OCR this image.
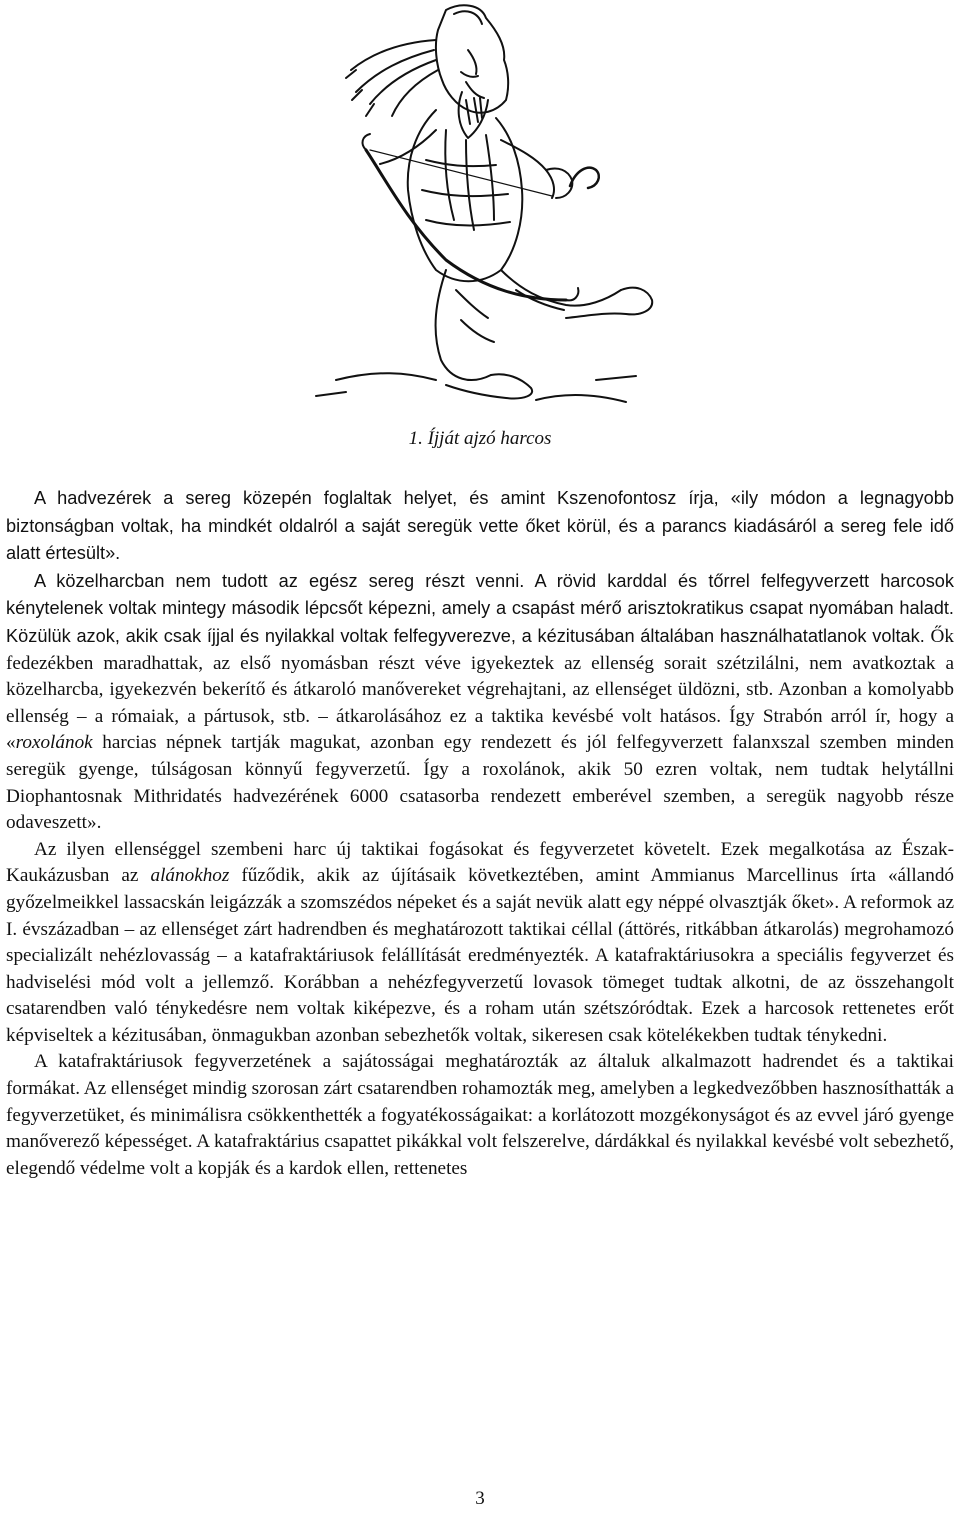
1. Íjját ajzó harcos

A hadvezérek a sereg közepén foglaltak helyet, és amint Kszenofontosz írja, «ily módon a legnagyobb biztonságban voltak, ha mindkét oldalról a saját seregük vette őket körül, és a parancs kiadásáról a sereg fele idő alatt értesült».

A közelharcban nem tudott az egész sereg részt venni. A rövid karddal és tőrrel felfegyverzett harcosok kénytelenek voltak mintegy második lépcsőt képezni, amely a csapást mérő arisztokratikus csapat nyomában haladt. Közülük azok, akik csak íjjal és nyilakkal voltak felfegyverezve, a kézitusában általában használhatatlanok voltak. Ők fedezékben maradhattak, az első nyomásban részt véve igyekeztek az ellenség sorait szétzilálni, nem avatkoztak a közelharcba, igyekezvén bekerítő és átkaroló manővereket végrehajtani, az ellenséget üldözni, stb. Azonban a komolyabb ellenség – a rómaiak, a pártusok, stb. – átkarolásához ez a taktika kevésbé volt hatásos. Így Strabón arról ír, hogy a «roxolánok harcias népnek tartják magukat, azonban egy rendezett és jól felfegyverzett falanxszal szemben minden seregük gyenge, túlságosan könnyű fegyverzetű. Így a roxolánok, akik 50 ezren voltak, nem tudtak helytállni Diophantosnak Mithridatés hadvezérének 6000 csatasorba rendezett emberével szemben, a seregük nagyobb része odaveszett».

Az ilyen ellenséggel szembeni harc új taktikai fogásokat és fegyverzetet követelt. Ezek megalkotása az Észak-Kaukázusban az alánokhoz fűződik, akik az újításaik következtében, amint Ammianus Marcellinus írta «állandó győzelmeikkel lassacskán leigázzák a szomszédos népeket és a saját nevük alatt egy néppé olvasztják őket». A reformok az I. évszázadban – az ellenséget zárt hadrendben és meghatározott taktikai céllal (áttörés, ritkábban átkarolás) megrohamozó specializált nehézlovasság – a katafraktáriusok felállítását eredményezték. A katafraktáriusokra a speciális fegyverzet és hadviselési mód volt a jellemző. Korábban a nehézfegyverzetű lovasok tömeget tudtak alkotni, de az összehangolt csatarendben való ténykedésre nem voltak kiképezve, és a roham után szétszóródtak. Ezek a harcosok rettenetes erőt képviseltek a kézitusában, önmagukban azonban sebezhetők voltak, sikeresen csak kötelékekben tudtak ténykedni.

A katafraktáriusok fegyverzetének a sajátosságai meghatározták az általuk alkalmazott hadrendet és a taktikai formákat. Az ellenséget mindig szorosan zárt csatarendben rohamozták meg, amelyben a legkedvezőbben hasznosíthatták a fegyverzetüket, és minimálisra csökkenthették a fogyatékosságaikat: a korlátozott mozgékonyságot és az evvel járó gyenge manőverező képességet. A katafraktárius csapattet pikákkal volt felszerelve, dárdákkal és nyilakkal kevésbé volt sebezhető, elegendő védelme volt a kopják és a kardok ellen, rettenetes

3
